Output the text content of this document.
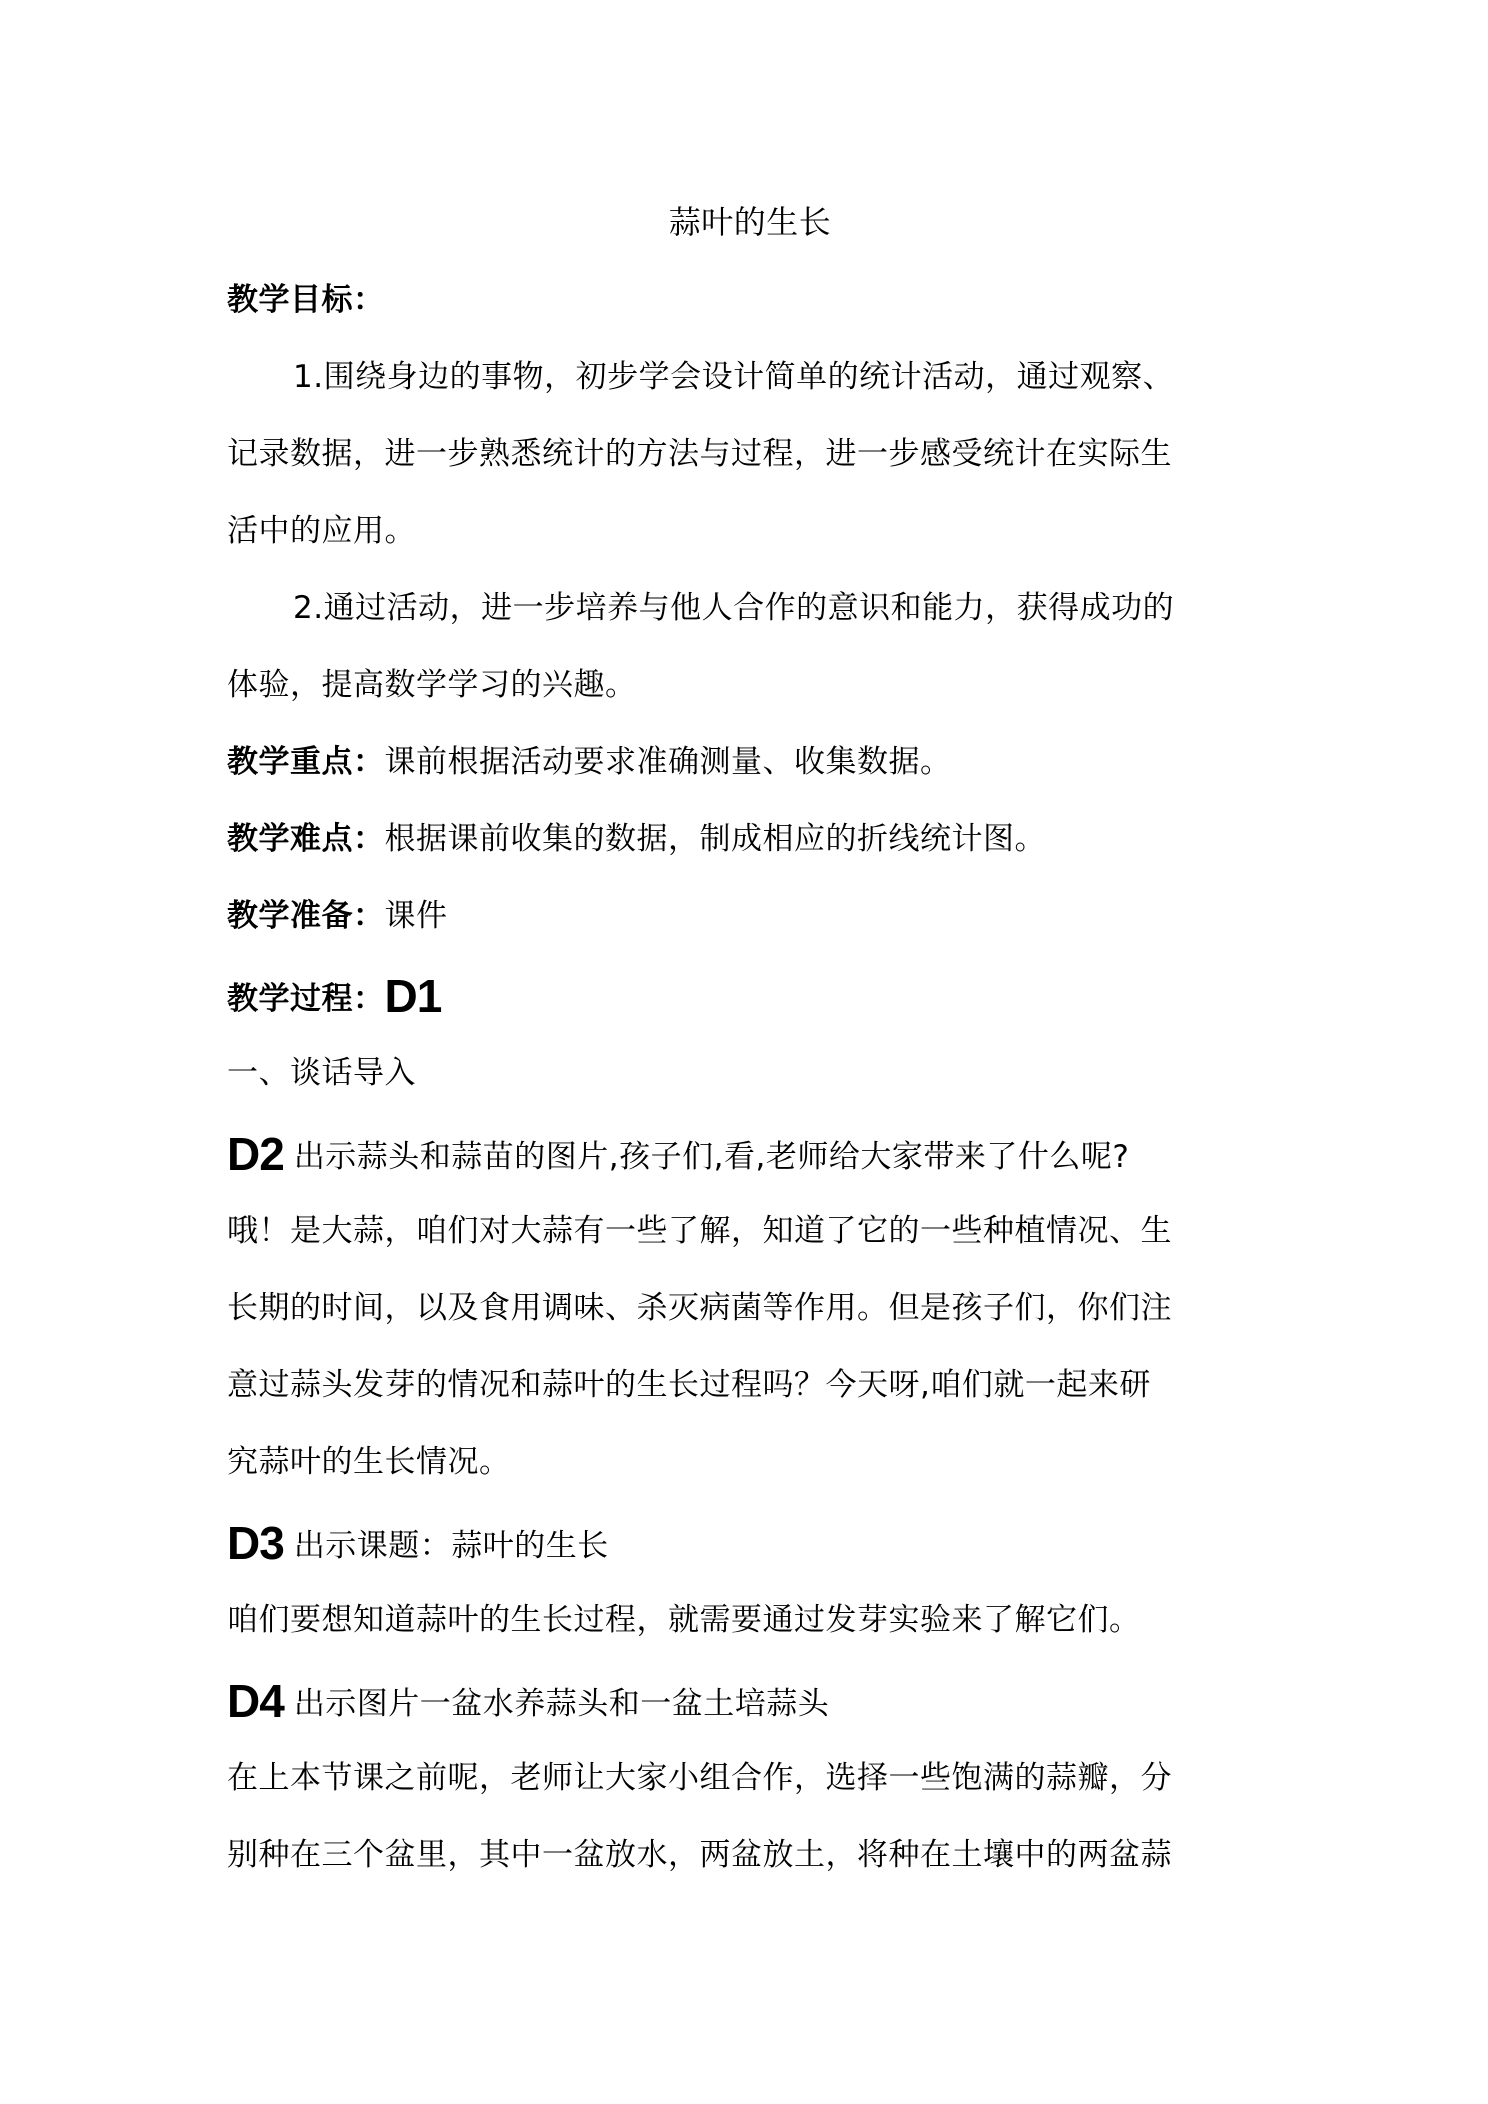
蒜叶的生长
教学目标：
1.围绕身边的事物，初步学会设计简单的统计活动，通过观察、
记录数据，进一步熟悉统计的方法与过程，进一步感受统计在实际生
活中的应用。
2.通过活动，进一步培养与他人合作的意识和能力，获得成功的
体验，提高数学学习的兴趣。
教学重点：课前根据活动要求准确测量、收集数据。
教学难点：根据课前收集的数据，制成相应的折线统计图。
教学准备：课件
教学过程：D1
一、谈话导入
D2 出示蒜头和蒜苗的图片,孩子们,看,老师给大家带来了什么呢?
哦！是大蒜，咱们对大蒜有一些了解，知道了它的一些种植情况、生
长期的时间，以及食用调味、杀灭病菌等作用。但是孩子们，你们注
意过蒜头发芽的情况和蒜叶的生长过程吗？今天呀,咱们就一起来研
究蒜叶的生长情况。
D3 出示课题：蒜叶的生长
咱们要想知道蒜叶的生长过程，就需要通过发芽实验来了解它们。
D4 出示图片一盆水养蒜头和一盆土培蒜头
在上本节课之前呢，老师让大家小组合作，选择一些饱满的蒜瓣，分
别种在三个盆里，其中一盆放水，两盆放土，将种在土壤中的两盆蒜
